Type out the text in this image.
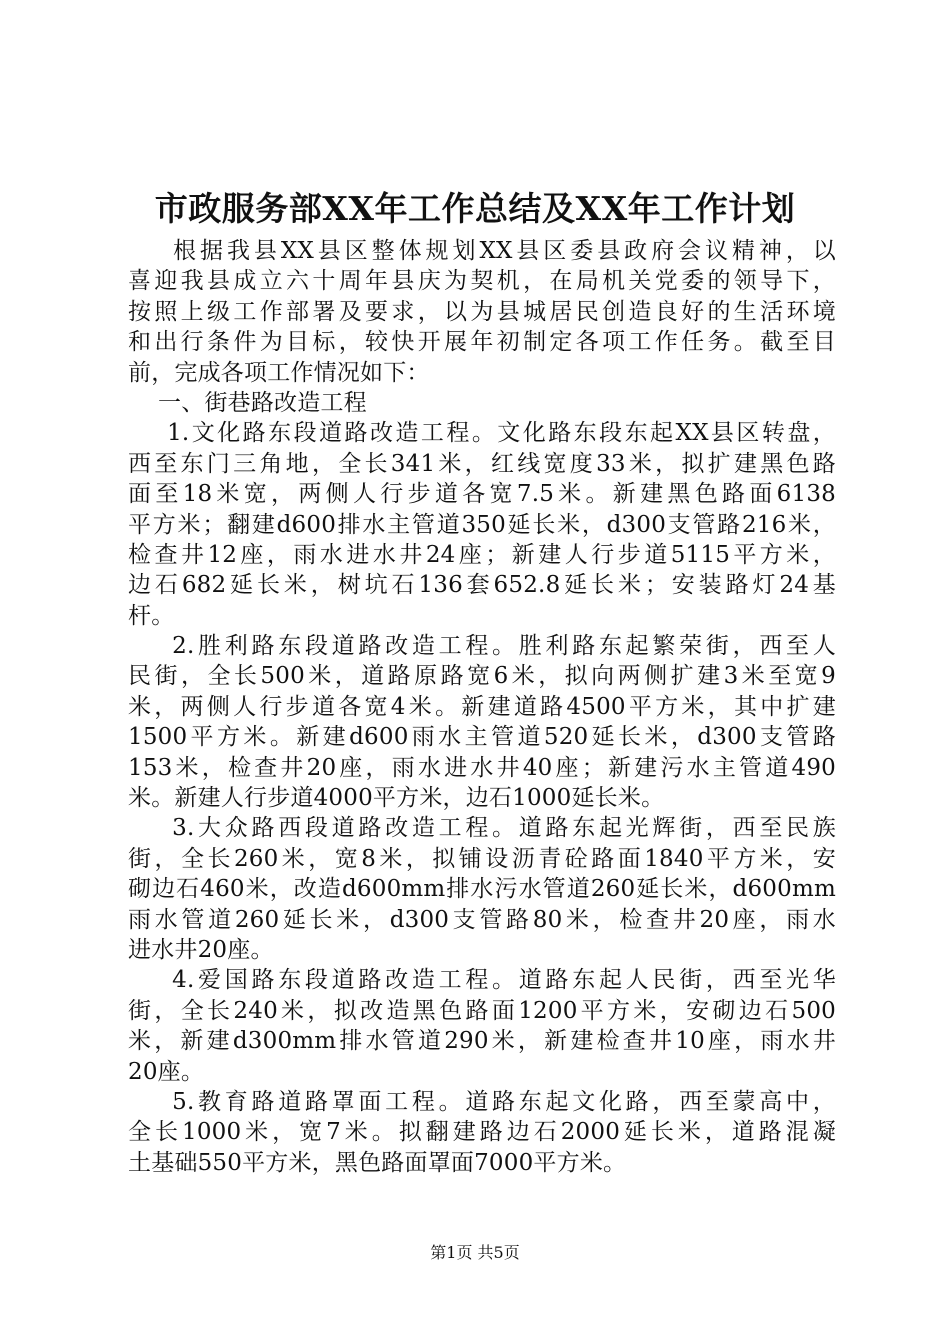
市政服务部XX年工作总结及XX年工作计划
根据我县XX县区整体规划XX县区委县政府会议精神，以
喜迎我县成立六十周年县庆为契机，在局机关党委的领导下，
按照上级工作部署及要求，以为县城居民创造良好的生活环境
和出行条件为目标，较快开展年初制定各项工作任务。截至目
前，完成各项工作情况如下：
一、街巷路改造工程
1.文化路东段道路改造工程。文化路东段东起XX县区转盘，
西至东门三角地，全长341米，红线宽度33米，拟扩建黑色路
面至18米宽，两侧人行步道各宽7.5米。新建黑色路面6138
平方米；翻建d600排水主管道350延长米，d300支管路216米，
检查井12座，雨水进水井24座；新建人行步道5115平方米，
边石682延长米，树坑石136套652.8延长米；安装路灯24基
杆。
2.胜利路东段道路改造工程。胜利路东起繁荣街，西至人
民街，全长500米，道路原路宽6米，拟向两侧扩建3米至宽9
米，两侧人行步道各宽4米。新建道路4500平方米，其中扩建
1500平方米。新建d600雨水主管道520延长米，d300支管路
153米，检查井20座，雨水进水井40座；新建污水主管道490
米。新建人行步道4000平方米，边石1000延长米。
3.大众路西段道路改造工程。道路东起光辉街，西至民族
街，全长260米，宽8米，拟铺设沥青砼路面1840平方米，安
砌边石460米，改造d600mm排水污水管道260延长米，d600mm
雨水管道260延长米，d300支管路80米，检查井20座，雨水
进水井20座。
4.爱国路东段道路改造工程。道路东起人民街，西至光华
街，全长240米，拟改造黑色路面1200平方米，安砌边石500
米，新建d300mm排水管道290米，新建检查井10座，雨水井
20座。
5.教育路道路罩面工程。道路东起文化路，西至蒙高中，
全长1000米，宽7米。拟翻建路边石2000延长米，道路混凝
土基础550平方米，黑色路面罩面7000平方米。
第1页 共5页
